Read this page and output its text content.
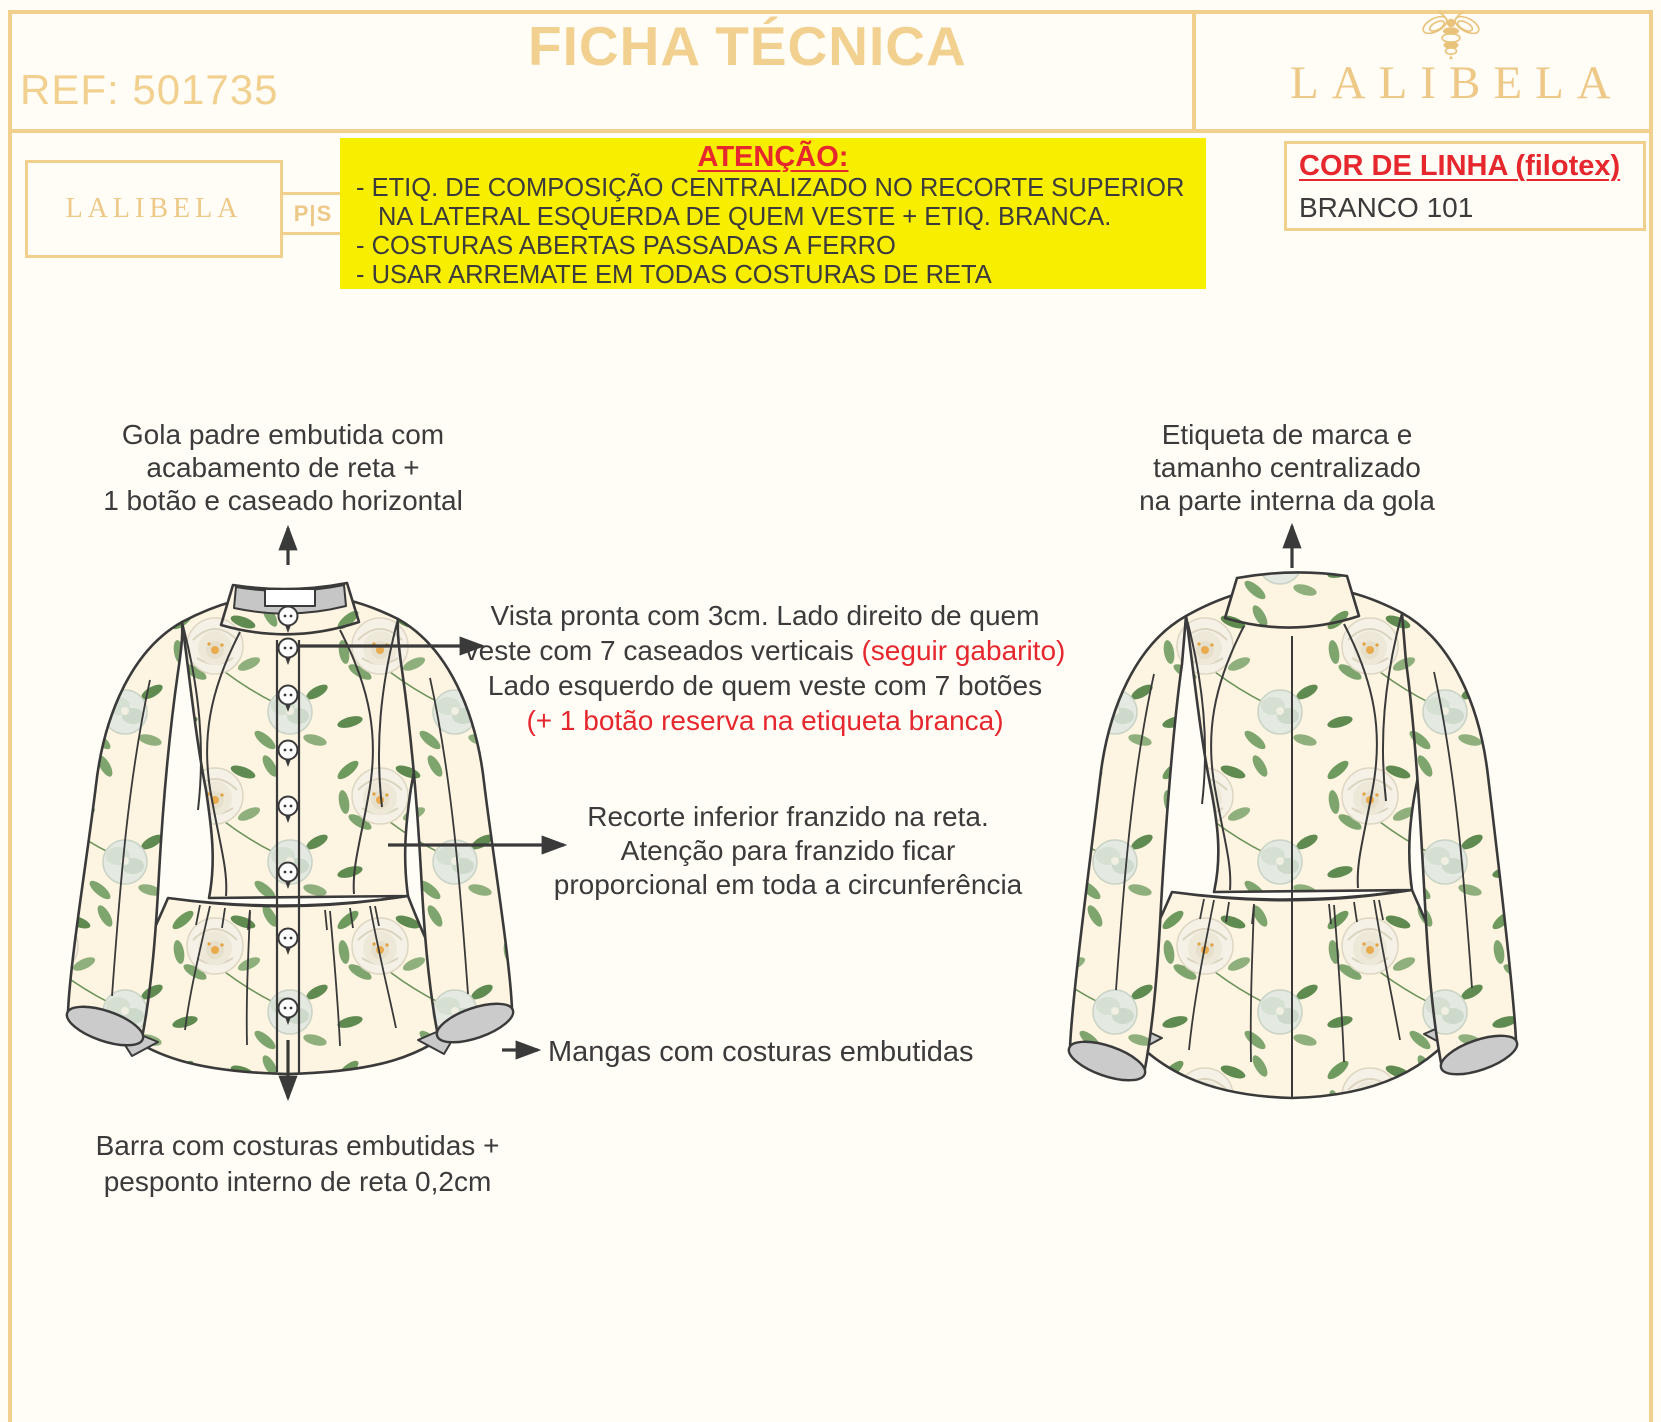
REF: 501735
FICHA TÉCNICA
LALIBELA
LALIBELA P|S
ATENÇÃO:
- ETIQ. DE COMPOSIÇÃO CENTRALIZADO NO RECORTE SUPERIOR
NA LATERAL ESQUERDA DE QUEM VESTE + ETIQ. BRANCA.
- COSTURAS ABERTAS PASSADAS A FERRO
- USAR ARREMATE EM TODAS COSTURAS DE RETA
COR DE LINHA (filotex)
BRANCO 101
Gola padre embutida com
acabamento de reta +
1 botão e caseado horizontal
Etiqueta de marca e
tamanho centralizado
na parte interna da gola
Vista pronta com 3cm. Lado direito de quem
veste com 7 caseados verticais (seguir gabarito)
Lado esquerdo de quem veste com 7 botões
(+ 1 botão reserva na etiqueta branca)
Recorte inferior franzido na reta.
Atenção para franzido ficar
proporcional em toda a circunferência
Mangas com costuras embutidas
Barra com costuras embutidas +
pesponto interno de reta 0,2cm
